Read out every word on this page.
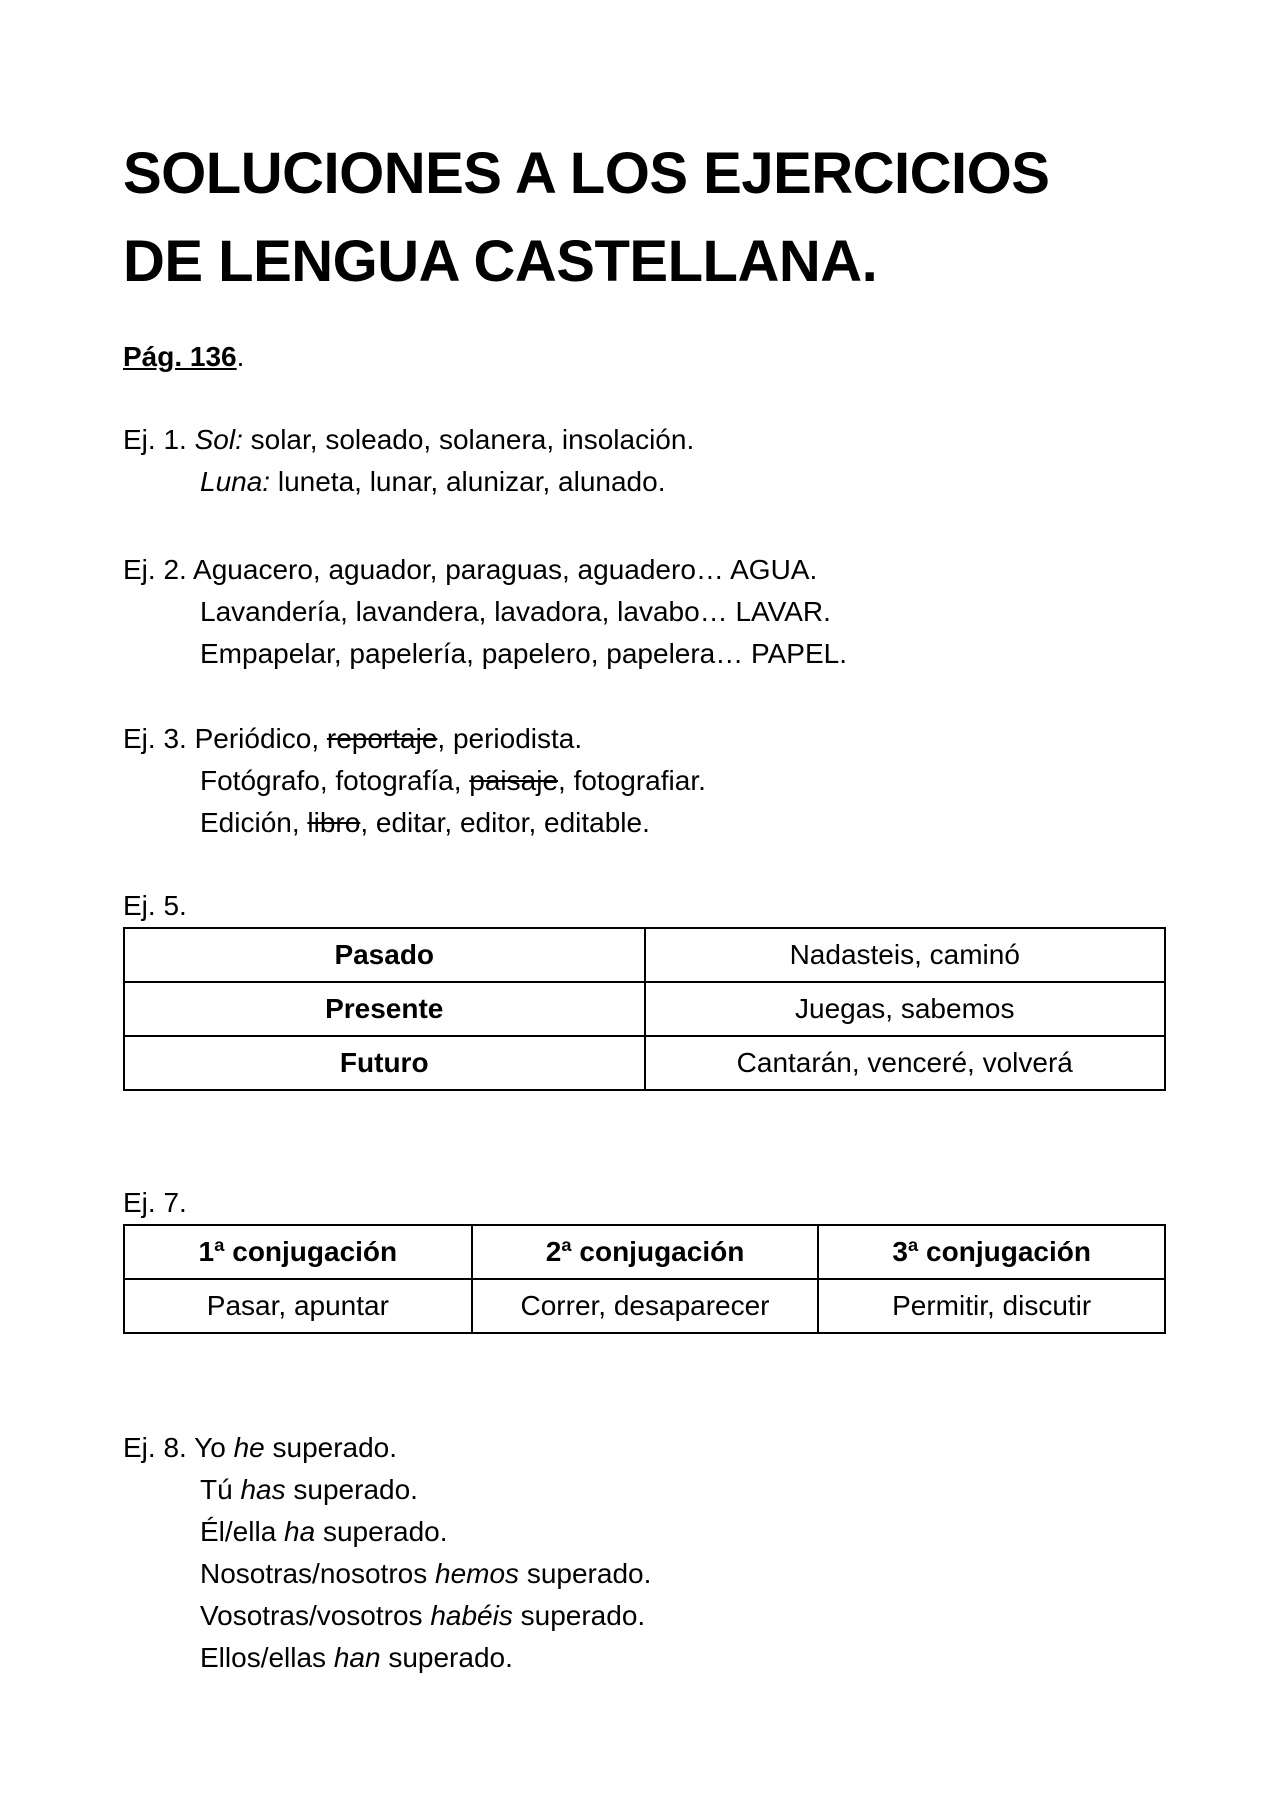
SOLUCIONES A LOS EJERCICIOS
DE LENGUA CASTELLANA.
Pág. 136.
Ej. 1. Sol: solar, soleado, solanera, insolación.
Luna: luneta, lunar, alunizar, alunado.
Ej. 2. Aguacero, aguador, paraguas, aguadero… AGUA.
Lavandería, lavandera, lavadora, lavabo… LAVAR.
Empapelar, papelería, papelero, papelera… PAPEL.
Ej. 3. Periódico, reportaje, periodista.
Fotógrafo, fotografía, paisaje, fotografiar.
Edición, libro, editar, editor, editable.
Ej. 5.
Pasado	Nadasteis, caminó
Presente	Juegas, sabemos
Futuro	Cantarán, venceré, volverá
Ej. 7.
1ª conjugación	2ª conjugación	3ª conjugación
Pasar, apuntar	Correr, desaparecer	Permitir, discutir
Ej. 8. Yo he superado.
Tú has superado.
Él/ella ha superado.
Nosotras/nosotros hemos superado.
Vosotras/vosotros habéis superado.
Ellos/ellas han superado.
